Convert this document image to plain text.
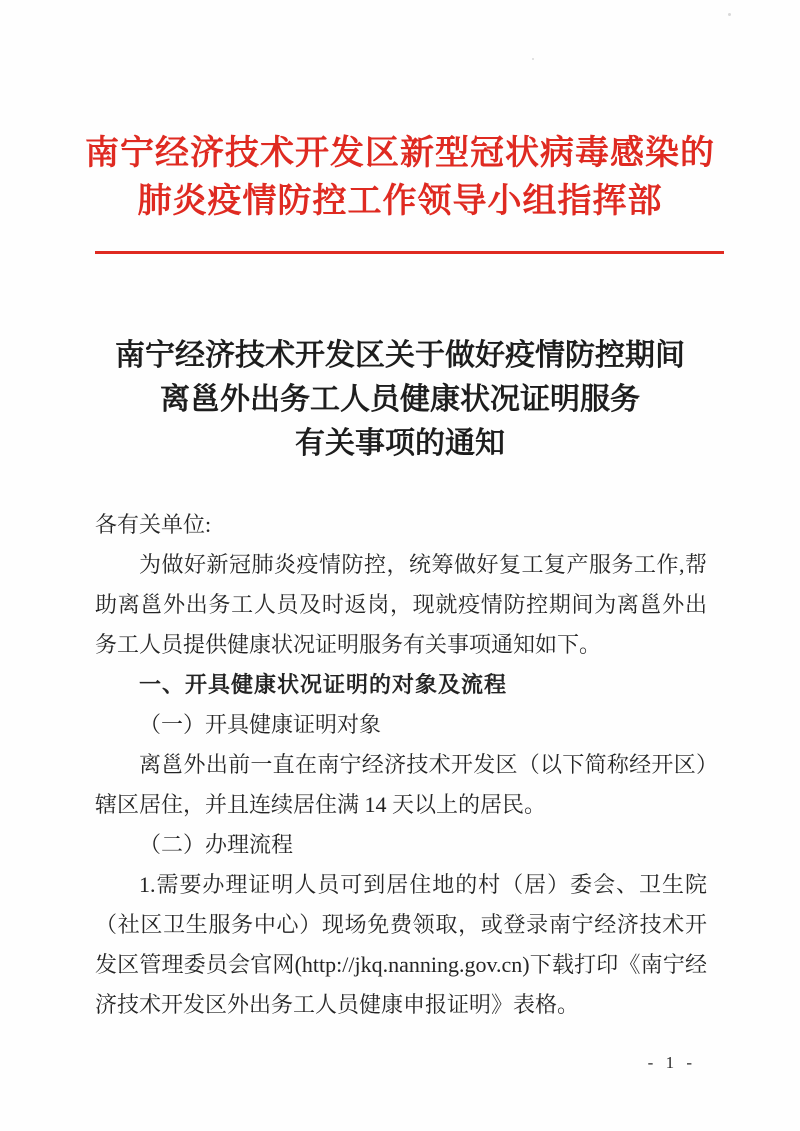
南宁经济技术开发区新型冠状病毒感染的
肺炎疫情防控工作领导小组指挥部
南宁经济技术开发区关于做好疫情防控期间
离邕外出务工人员健康状况证明服务
有关事项的通知

各有关单位:

为做好新冠肺炎疫情防控，统筹做好复工复产服务工作,帮助离邕外出务工人员及时返岗，现就疫情防控期间为离邕外出务工人员提供健康状况证明服务有关事项通知如下。

一、开具健康状况证明的对象及流程

（一）开具健康证明对象

离邕外出前一直在南宁经济技术开发区（以下简称经开区）辖区居住，并且连续居住满 14 天以上的居民。

（二）办理流程

1.需要办理证明人员可到居住地的村（居）委会、卫生院（社区卫生服务中心）现场免费领取，或登录南宁经济技术开发区管理委员会官网(http://jkq.nanning.gov.cn)下载打印《南宁经济技术开发区外出务工人员健康申报证明》表格。

- 1 -
